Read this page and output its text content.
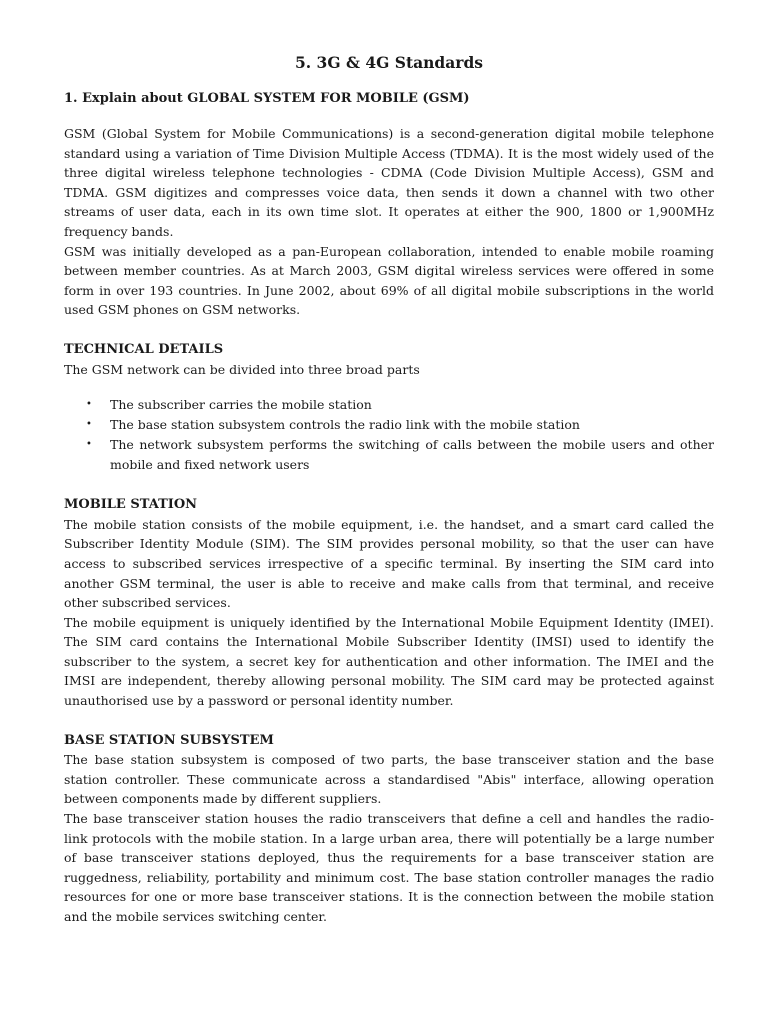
5. 3G & 4G Standards
1. Explain about GLOBAL SYSTEM FOR MOBILE (GSM)

GSM (Global System for Mobile Communications) is a second-generation digital mobile telephone standard using a variation of Time Division Multiple Access (TDMA). It is the most widely used of the three digital wireless telephone technologies - CDMA (Code Division Multiple Access), GSM and TDMA. GSM digitizes and compresses voice data, then sends it down a channel with two other streams of user data, each in its own time slot. It operates at either the 900, 1800 or 1,900MHz frequency bands.

GSM was initially developed as a pan-European collaboration, intended to enable mobile roaming between member countries. As at March 2003, GSM digital wireless services were offered in some form in over 193 countries. In June 2002, about 69% of all digital mobile subscriptions in the world used GSM phones on GSM networks.

TECHNICAL DETAILS

The GSM network can be divided into three broad parts

• The subscriber carries the mobile station
• The base station subsystem controls the radio link with the mobile station
• The network subsystem performs the switching of calls between the mobile users and other mobile and fixed network users
MOBILE STATION

The mobile station consists of the mobile equipment, i.e. the handset, and a smart card called the Subscriber Identity Module (SIM). The SIM provides personal mobility, so that the user can have access to subscribed services irrespective of a specific terminal. By inserting the SIM card into another GSM terminal, the user is able to receive and make calls from that terminal, and receive other subscribed services.

The mobile equipment is uniquely identified by the International Mobile Equipment Identity (IMEI). The SIM card contains the International Mobile Subscriber Identity (IMSI) used to identify the subscriber to the system, a secret key for authentication and other information. The IMEI and the IMSI are independent, thereby allowing personal mobility. The SIM card may be protected against unauthorised use by a password or personal identity number.

BASE STATION SUBSYSTEM

The base station subsystem is composed of two parts, the base transceiver station and the base station controller. These communicate across a standardised "Abis" interface, allowing operation between components made by different suppliers.

The base transceiver station houses the radio transceivers that define a cell and handles the radio-link protocols with the mobile station. In a large urban area, there will potentially be a large number of base transceiver stations deployed, thus the requirements for a base transceiver station are ruggedness, reliability, portability and minimum cost. The base station controller manages the radio resources for one or more base transceiver stations. It is the connection between the mobile station and the mobile services switching center.
